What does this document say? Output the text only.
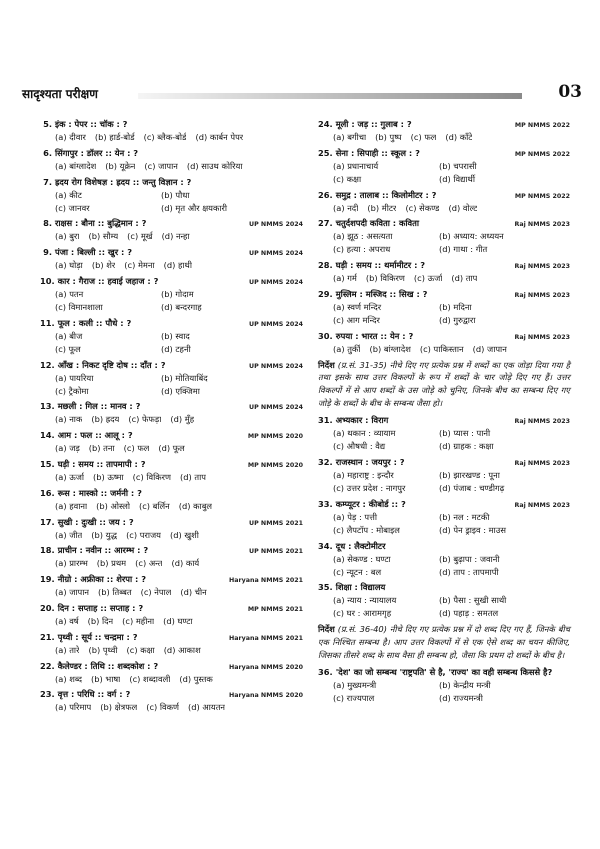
सादृश्यता परीक्षण	03
5. इंक : पेपर :: चॉक : ?
(a) दीवार (b) हार्ड-बोर्ड (c) ब्लैक-बोर्ड (d) कार्बन पेपर
6. सिंगापुर : डॉलर :: येन : ?
(a) बांग्लादेश (b) यूक्रेन (c) जापान (d) साउथ कोरिया
7. ह्रदय रोग विशेषज्ञ : ह्रदय :: जन्तु विज्ञान : ?
(a) कीट	(b) पौधा
(c) जानवर	(d) मृत और क्षयकारी
8. राक्षस : बौना :: बुद्धिमान : ?	UP NMMS 2024
(a) बुरा (b) सौम्य (c) मूर्ख (d) नन्हा
9. पंजा : बिल्ली :: खुर : ?	UP NMMS 2024
(a) घोड़ा (b) शेर (c) मेमना (d) हाथी
10. कार : गैराज :: हवाई जहाज : ?	UP NMMS 2024
(a) पतन	(b) गोदाम
(c) विमानशाला	(d) बन्दरगाह
11. फूल : कली :: पौधे : ?	UP NMMS 2024
(a) बीज	(b) स्वाद
(c) फूल	(d) टहनी
12. आँख : निकट दृष्टि दोष :: दाँत : ?	UP NMMS 2024
(a) पायरिया	(b) मोतियाबिंद
(c) ट्रैकोमा	(d) एक्जिमा
13. मछली : गिल :: मानव : ?	UP NMMS 2024
(a) नाक (b) ह्रदय (c) फेफड़ा (d) मुँह
14. आम : फल :: आलू : ?	MP NMMS 2020
(a) जड़ (b) तना (c) फल (d) फूल
15. घड़ी : समय :: तापमापी : ?	MP NMMS 2020
(a) ऊर्जा (b) ऊष्मा (c) विकिरण (d) ताप
16. रूस : मास्को :: जर्मनी : ?
(a) हवाना (b) ओस्लो (c) बर्लिन (d) काबुल
17. सुखी : दुःखी :: जय : ?	UP NMMS 2021
(a) जीत (b) युद्ध (c) पराजय (d) खुशी
18. प्राचीन : नवीन :: आरम्भ : ?	UP NMMS 2021
(a) प्रारम्भ (b) प्रथम (c) अन्त (d) कार्य
19. नीग्रो : अफ्रीका :: शेरपा : ?	Haryana NMMS 2021
(a) जापान (b) तिब्बत (c) नेपाल (d) चीन
20. दिन : सप्ताह :: सप्ताह : ?	MP NMMS 2021
(a) वर्ष (b) दिन (c) महीना (d) घण्टा
21. पृथ्वी : सूर्य :: चन्द्रमा : ?	Haryana NMMS 2021
(a) तारे (b) पृथ्वी (c) कक्षा (d) आकाश
22. कैलेण्डर : तिथि :: शब्दकोश : ?	Haryana NMMS 2020
(a) शब्द (b) भाषा (c) शब्दावली (d) पुस्तक
23. वृत्त : परिधि :: वर्ग : ?	Haryana NMMS 2020
(a) परिमाप (b) क्षेत्रफल (c) विकर्ण (d) आयतन
24. मूली : जड़ :: गुलाब : ?	MP NMMS 2022
(a) बगीचा (b) पुष्प (c) फल (d) काँटे
25. सेना : सिपाही :: स्कूल : ?	MP NMMS 2022
(a) प्रधानाचार्य	(b) चपरासी
(c) कक्षा	(d) विद्यार्थी
26. समुद्र : तालाब :: किलोमीटर : ?	MP NMMS 2022
(a) नदी (b) मीटर (c) सेकण्ड (d) वोल्ट
27. चतुर्दशपदी कविता : कविता	Raj NMMS 2023
(a) झूठ : असत्यता	(b) अध्याय: अध्ययन
(c) हत्या : अपराध	(d) गाथा : गीत
28. घड़ी : समय :: थर्मामीटर : ?	Raj NMMS 2023
(a) गर्म (b) विकिरण (c) ऊर्जा (d) ताप
29. मुस्लिम : मस्जिद :: सिख : ?	Raj NMMS 2023
(a) स्वर्ण मन्दिर	(b) मदिना
(c) आग मन्दिर	(d) गुरुद्वारा
30. रुपया : भारत :: येन : ?	Raj NMMS 2023
(a) तुर्की (b) बांग्लादेश (c) पाकिस्तान (d) जापान
निर्देश (प्र.सं. 31-35) नीचे दिए गए प्रत्येक प्रश्न में शब्दों का एक जोड़ा दिया गया है तथा इसके साथ उत्तर विकल्पों के रूप में शब्दों के चार जोड़े दिए गए हैं। उत्तर विकल्पों में से आप शब्दों के उस जोड़े को चुनिए, जिनके बीच का सम्बन्ध दिए गए जोड़े के शब्दों के बीच के सम्बन्ध जैसा हो।
31. अभ्यकार : विराग	Raj NMMS 2023
(a) थकान : व्यायाम	(b) प्यास : पानी
(c) औषधी : वैद्य	(d) ग्राहक : कक्षा
32. राजस्थान : जयपुर : ?	Raj NMMS 2023
(a) महाराष्ट्र : इन्दौर	(b) झारखण्ड : पूना
(c) उत्तर प्रदेश : नागपुर	(d) पंजाब : चण्डीगढ़
33. कम्प्यूटर : कीबोर्ड :: ?	Raj NMMS 2023
(a) पेड़ : पत्ती	(b) नल : मटकी
(c) लैपटॉप : मोबाइल	(d) पेन ड्राइव : माउस
34. दूध : लैक्टोमीटर
(a) सेकण्ड : घण्टा	(b) बुढ़ापा : जवानी
(c) न्यूटन : बल	(d) ताप : तापमापी
35. शिक्षा : विद्यालय
(a) न्याय : न्यायालय	(b) पैसा : सुखी साथी
(c) घर : आरामगृह	(d) पहाड़ : समतल
निर्देश (प्र.सं. 36-40) नीचे दिए गए प्रत्येक प्रश्न में दो शब्द दिए गए हैं, जिनके बीच एक निश्चित सम्बन्ध है। आप उत्तर विकल्पों में से एक ऐसे शब्द का चयन कीजिए, जिसका तीसरे शब्द के साथ वैसा ही सम्बन्ध हो, जैसा कि प्रथम दो शब्दों के बीच है।
36. 'देश' का जो सम्बन्ध 'राष्ट्रपति' से है, 'राज्य' का वही सम्बन्ध किससे है?
(a) मुख्यमन्त्री	(b) केन्द्रीय मन्त्री
(c) राज्यपाल	(d) राज्यमन्त्री
